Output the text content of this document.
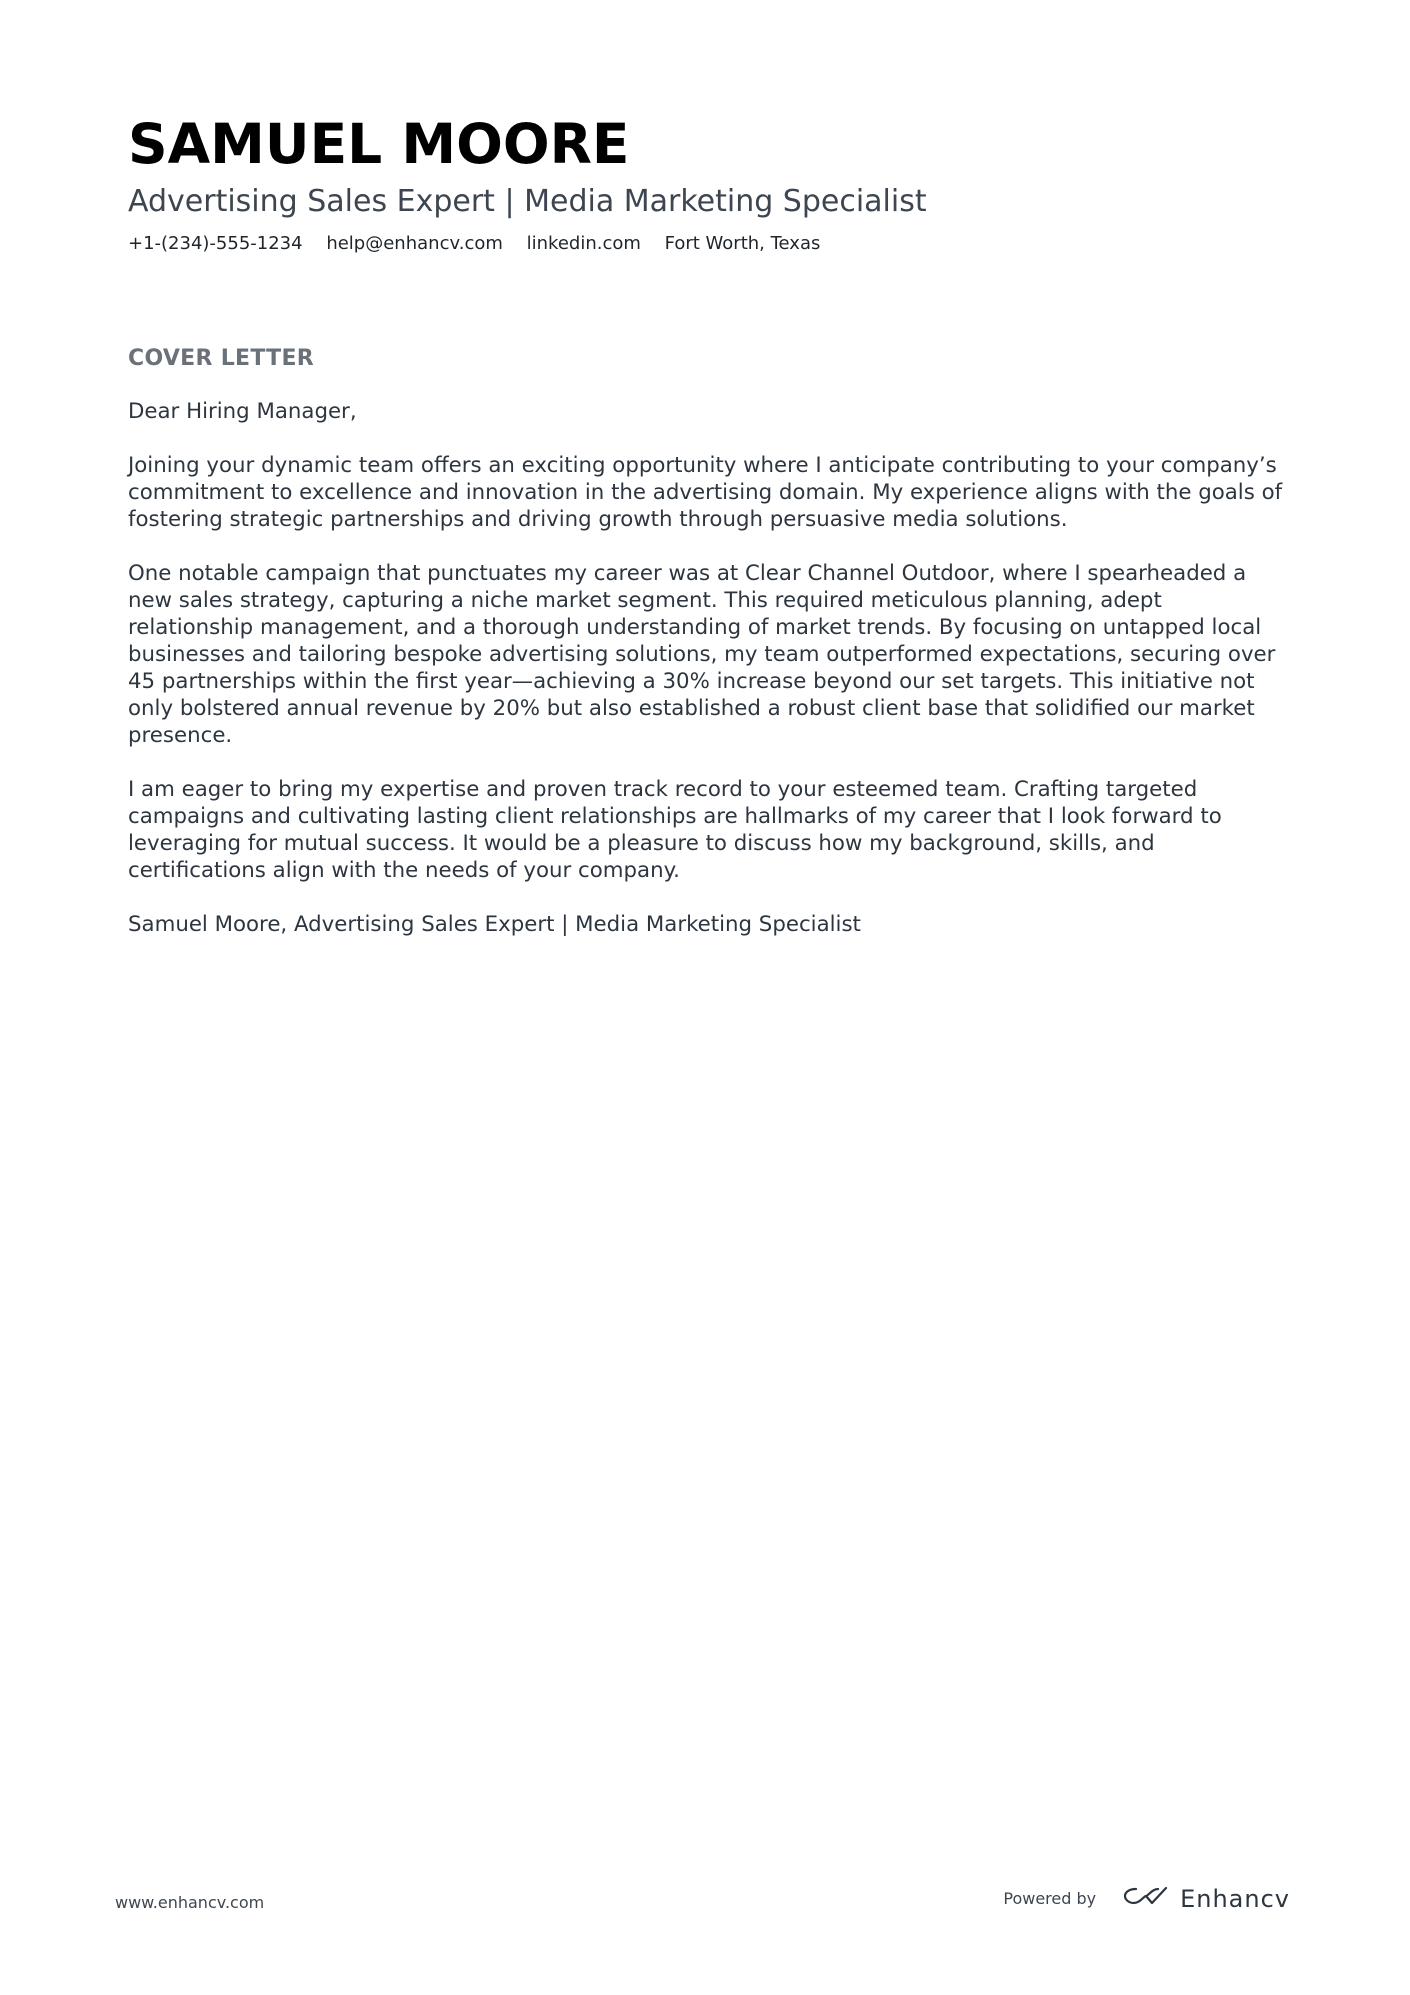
SAMUEL MOORE
Advertising Sales Expert | Media Marketing Specialist
+1-(234)-555-1234 help@enhancv.com linkedin.com Fort Worth, Texas
COVER LETTER

Dear Hiring Manager,

Joining your dynamic team offers an exciting opportunity where I anticipate contributing to your company’s commitment to excellence and innovation in the advertising domain. My experience aligns with the goals of fostering strategic partnerships and driving growth through persuasive media solutions.

One notable campaign that punctuates my career was at Clear Channel Outdoor, where I spearheaded a new sales strategy, capturing a niche market segment. This required meticulous planning, adept relationship management, and a thorough understanding of market trends. By focusing on untapped local businesses and tailoring bespoke advertising solutions, my team outperformed expectations, securing over 45 partnerships within the first year—achieving a 30% increase beyond our set targets. This initiative not only bolstered annual revenue by 20% but also established a robust client base that solidified our market presence.

I am eager to bring my expertise and proven track record to your esteemed team. Crafting targeted campaigns and cultivating lasting client relationships are hallmarks of my career that I look forward to leveraging for mutual success. It would be a pleasure to discuss how my background, skills, and certifications align with the needs of your company.

Samuel Moore, Advertising Sales Expert | Media Marketing Specialist

www.enhancv.com	Powered by	Enhancv
